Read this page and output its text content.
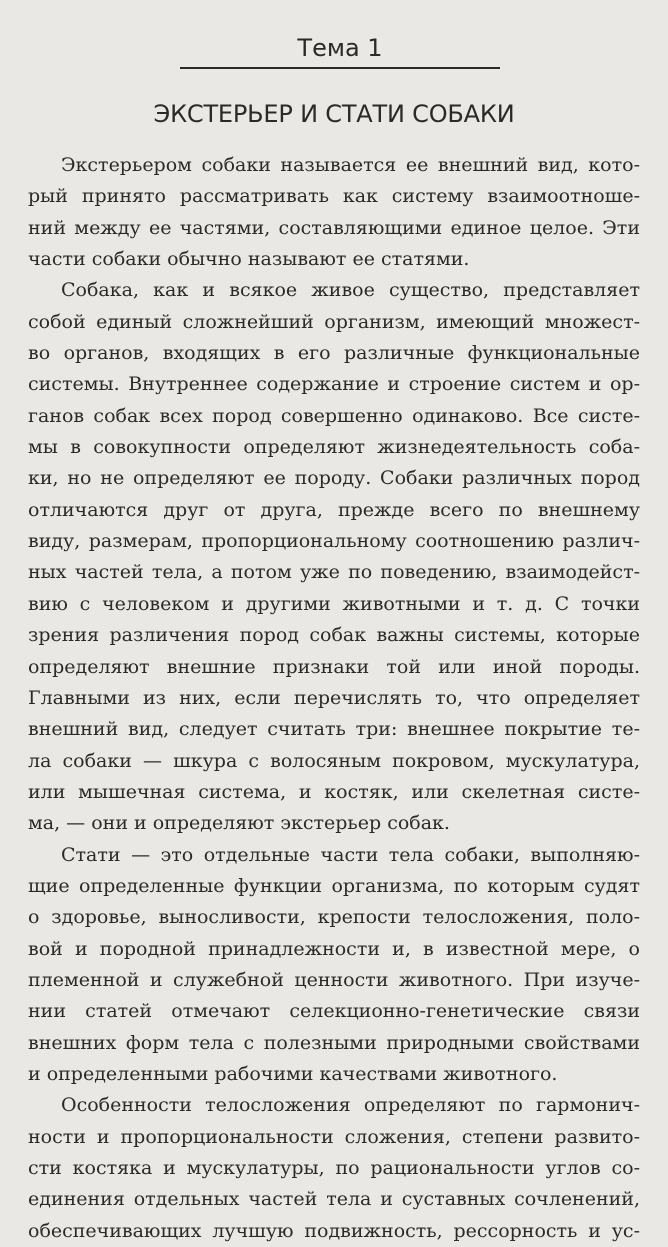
Тема 1

ЭКСТЕРЬЕР И СТАТИ СОБАКИ
Экстерьером собаки называется ее внешний вид, кото-
рый принято рассматривать как систему взаимоотноше-
ний между ее частями, составляющими единое целое. Эти
части собаки обычно называют ее статями.
Собака, как и всякое живое существо, представляет
собой единый сложнейший организм, имеющий множест-
во органов, входящих в его различные функциональные
системы. Внутреннее содержание и строение систем и ор-
ганов собак всех пород совершенно одинаково. Все систе-
мы в совокупности определяют жизнедеятельность соба-
ки, но не определяют ее породу. Собаки различных пород
отличаются друг от друга, прежде всего по внешнему
виду, размерам, пропорциональному соотношению различ-
ных частей тела, а потом уже по поведению, взаимодейст-
вию с человеком и другими животными и т. д. С точки
зрения различения пород собак важны системы, которые
определяют внешние признаки той или иной породы.
Главными из них, если перечислять то, что определяет
внешний вид, следует считать три: внешнее покрытие те-
ла собаки — шкура с волосяным покровом, мускулатура,
или мышечная система, и костяк, или скелетная систе-
ма, — они и определяют экстерьер собак.
Стати — это отдельные части тела собаки, выполняю-
щие определенные функции организма, по которым судят
о здоровье, выносливости, крепости телосложения, поло-
вой и породной принадлежности и, в известной мере, о
племенной и служебной ценности животного. При изуче-
нии статей отмечают селекционно-генетические связи
внешних форм тела с полезными природными свойствами
и определенными рабочими качествами животного.
Особенности телосложения определяют по гармонич-
ности и пропорциональности сложения, степени развито-
сти костяка и мускулатуры, по рациональности углов со-
единения отдельных частей тела и суставных сочленений,
обеспечивающих лучшую подвижность, рессорность и ус-
